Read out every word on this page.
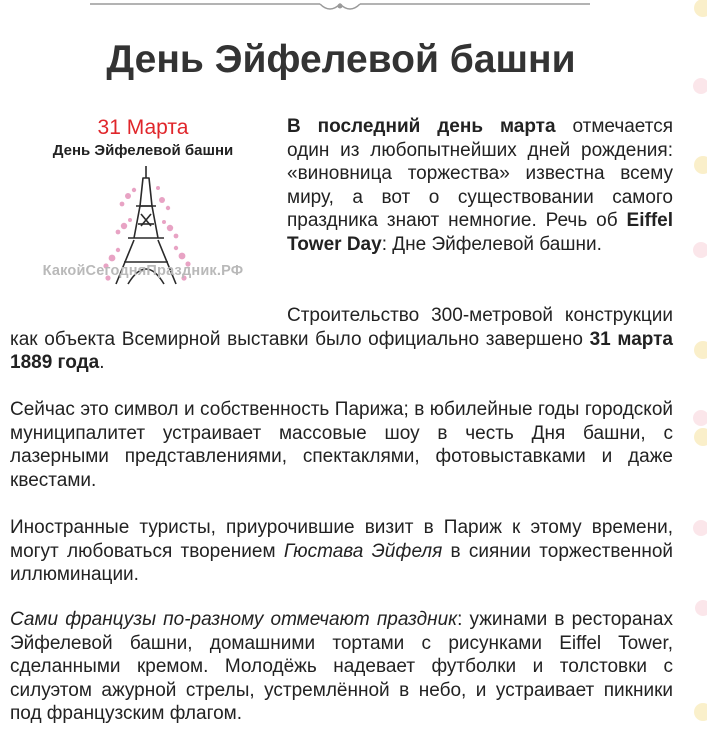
День Эйфелевой башни
31 Марта
День Эйфелевой башни
КакойСегодняПраздник.РФ

В последний день марта отмечается один из любопытнейших дней рождения: «виновница торжества» известна всему миру, а вот о существовании самого праздника знают немногие. Речь об Eiffel Tower Day: Дне Эйфелевой башни.

Строительство 300-метровой конструкции как объекта Всемирной выставки было официально завершено 31 марта 1889 года.

Сейчас это символ и собственность Парижа; в юбилейные годы городской муниципалитет устраивает массовые шоу в честь Дня башни, с лазерными представлениями, спектаклями, фотовыставками и даже квестами.

Иностранные туристы, приурочившие визит в Париж к этому времени, могут любоваться творением Гюстава Эйфеля в сиянии торжественной иллюминации.

Сами французы по-разному отмечают праздник: ужинами в ресторанах Эйфелевой башни, домашними тортами с рисунками Eiffel Tower, сделанными кремом. Молодёжь надевает футболки и толстовки с силуэтом ажурной стрелы, устремлённой в небо, и устраивает пикники под французским флагом.
